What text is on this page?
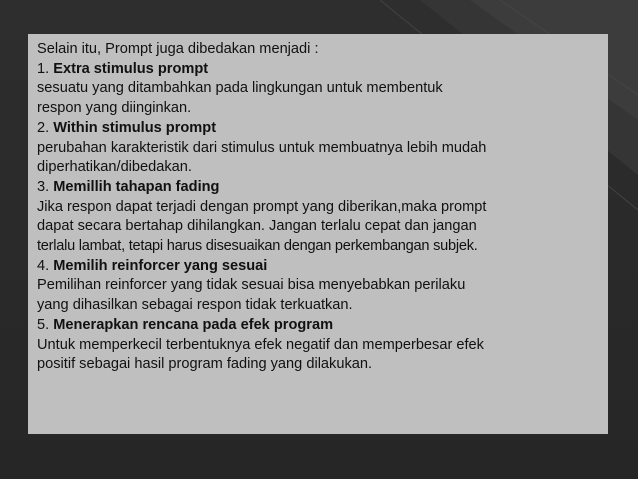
Selain itu, Prompt juga dibedakan menjadi :
1. Extra stimulus prompt
sesuatu yang ditambahkan pada lingkungan untuk membentuk
respon yang diinginkan.
2. Within stimulus prompt
perubahan karakteristik dari stimulus untuk membuatnya lebih mudah
diperhatikan/dibedakan.
3. Memillih tahapan fading
Jika respon dapat terjadi dengan prompt yang diberikan,maka prompt
dapat secara bertahap dihilangkan. Jangan terlalu cepat dan jangan
terlalu lambat, tetapi harus disesuaikan dengan perkembangan subjek.
4. Memilih reinforcer yang sesuai
Pemilihan reinforcer yang tidak sesuai bisa menyebabkan perilaku
yang dihasilkan sebagai respon tidak terkuatkan.
5. Menerapkan rencana pada efek program
Untuk memperkecil terbentuknya efek negatif dan memperbesar efek
positif sebagai hasil program fading yang dilakukan.
